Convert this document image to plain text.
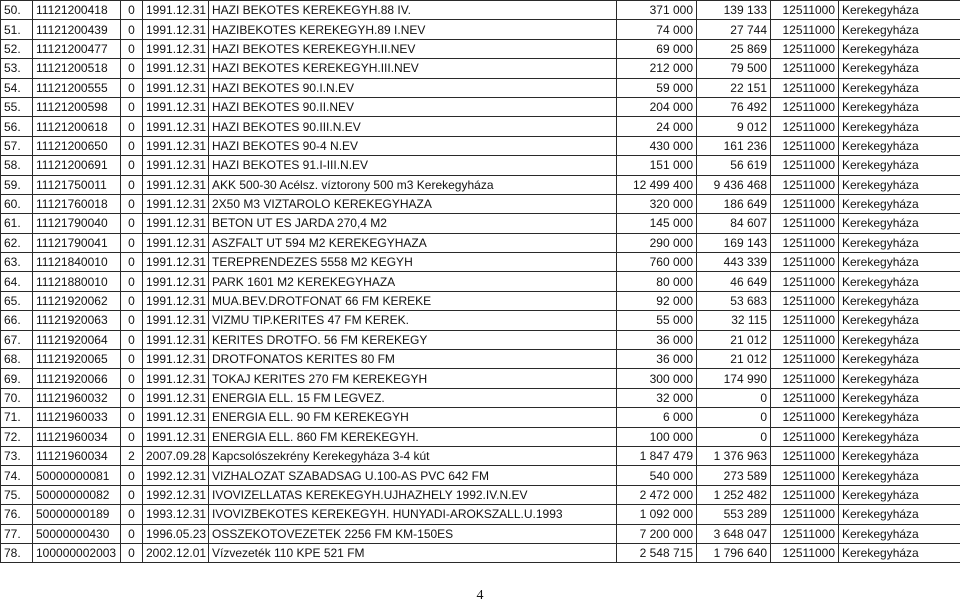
50.	11121200418	0	1991.12.31	HAZI BEKOTES KEREKEGYH.88 IV.	371 000	139 133	12511000	Kerekegyháza
51.	11121200439	0	1991.12.31	HAZIBEKOTES KEREKEGYH.89 I.NEV	74 000	27 744	12511000	Kerekegyháza
52.	11121200477	0	1991.12.31	HAZI BEKOTES KEREKEGYH.II.NEV	69 000	25 869	12511000	Kerekegyháza
53.	11121200518	0	1991.12.31	HAZI BEKOTES KEREKEGYH.III.NEV	212 000	79 500	12511000	Kerekegyháza
54.	11121200555	0	1991.12.31	HAZI BEKOTES 90.I.N.EV	59 000	22 151	12511000	Kerekegyháza
55.	11121200598	0	1991.12.31	HAZI BEKOTES 90.II.NEV	204 000	76 492	12511000	Kerekegyháza
56.	11121200618	0	1991.12.31	HAZI BEKOTES 90.III.N.EV	24 000	9 012	12511000	Kerekegyháza
57.	11121200650	0	1991.12.31	HAZI BEKOTES 90-4 N.EV	430 000	161 236	12511000	Kerekegyháza
58.	11121200691	0	1991.12.31	HAZI BEKOTES 91.I-III.N.EV	151 000	56 619	12511000	Kerekegyháza
59.	11121750011	0	1991.12.31	AKK 500-30 Acélsz. víztorony 500 m3 Kerekegyháza	12 499 400	9 436 468	12511000	Kerekegyháza
60.	11121760018	0	1991.12.31	2X50 M3 VIZTAROLO KEREKEGYHAZA	320 000	186 649	12511000	Kerekegyháza
61.	11121790040	0	1991.12.31	BETON UT ES JARDA 270,4 M2	145 000	84 607	12511000	Kerekegyháza
62.	11121790041	0	1991.12.31	ASZFALT UT 594 M2 KEREKEGYHAZA	290 000	169 143	12511000	Kerekegyháza
63.	11121840010	0	1991.12.31	TEREPRENDEZES 5558 M2 KEGYH	760 000	443 339	12511000	Kerekegyháza
64.	11121880010	0	1991.12.31	PARK 1601 M2 KEREKEGYHAZA	80 000	46 649	12511000	Kerekegyháza
65.	11121920062	0	1991.12.31	MUA.BEV.DROTFONAT 66 FM KEREKE	92 000	53 683	12511000	Kerekegyháza
66.	11121920063	0	1991.12.31	VIZMU TIP.KERITES 47 FM KEREK.	55 000	32 115	12511000	Kerekegyháza
67.	11121920064	0	1991.12.31	KERITES DROTFO. 56 FM KEREKEGY	36 000	21 012	12511000	Kerekegyháza
68.	11121920065	0	1991.12.31	DROTFONATOS KERITES 80 FM	36 000	21 012	12511000	Kerekegyháza
69.	11121920066	0	1991.12.31	TOKAJ KERITES 270 FM KEREKEGYH	300 000	174 990	12511000	Kerekegyháza
70.	11121960032	0	1991.12.31	ENERGIA ELL. 15 FM LEGVEZ.	32 000	0	12511000	Kerekegyháza
71.	11121960033	0	1991.12.31	ENERGIA ELL. 90 FM KEREKEGYH	6 000	0	12511000	Kerekegyháza
72.	11121960034	0	1991.12.31	ENERGIA ELL. 860 FM KEREKEGYH.	100 000	0	12511000	Kerekegyháza
73.	11121960034	2	2007.09.28	Kapcsolószekrény Kerekegyháza 3-4 kút	1 847 479	1 376 963	12511000	Kerekegyháza
74.	50000000081	0	1992.12.31	VIZHALOZAT SZABADSAG U.100-AS PVC 642 FM	540 000	273 589	12511000	Kerekegyháza
75.	50000000082	0	1992.12.31	IVOVIZELLATAS KEREKEGYH.UJHAZHELY 1992.IV.N.EV	2 472 000	1 252 482	12511000	Kerekegyháza
76.	50000000189	0	1993.12.31	IVOVIZBEKOTES KEREKEGYH. HUNYADI-AROKSZALL.U.1993	1 092 000	553 289	12511000	Kerekegyháza
77.	50000000430	0	1996.05.23	OSSZEKOTOVEZETEK 2256 FM KM-150ES	7 200 000	3 648 047	12511000	Kerekegyháza
78.	100000002003	0	2002.12.01	Vízvezeték 110 KPE 521 FM	2 548 715	1 796 640	12511000	Kerekegyháza
4
